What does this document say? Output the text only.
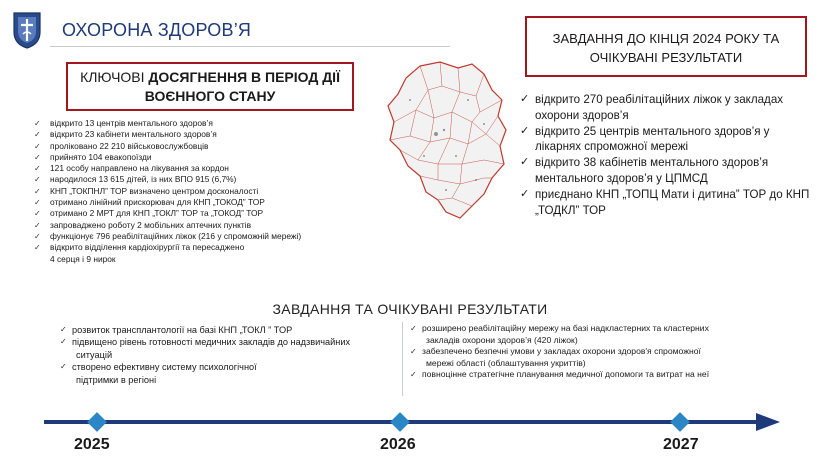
ОХОРОНА ЗДОРОВ’Я
КЛЮЧОВІ ДОСЯГНЕННЯ В ПЕРІОД ДІЇ
ВОЄННОГО СТАНУ
ЗАВДАННЯ ДО КІНЦЯ 2024 РОКУ ТА
ОЧІКУВАНІ РЕЗУЛЬТАТИ
✓ відкрито 13 центрів ментального здоров’я
✓ відкрито 23 кабінети ментального здоров’я
✓ проліковано 22 210 військовослужбовців
✓ прийнято 104 евакопоїзди
✓ 121 особу направлено на лікування за кордон
✓ народилося 13 615 дітей, із них ВПО 915 (6,7%)
✓ КНП „ТОКПНЛ” ТОР визначено центром досконалості
✓ отримано лінійний прискорювач для КНП „ТОКОД” ТОР
✓ отримано 2 МРТ для КНП „ТОКЛ” ТОР та „ТОКОД” ТОР
✓ запроваджено роботу 2 мобільних аптечних пунктів
✓ функціонує 796 реабілітаційних ліжок (216 у спроможній мережі)
✓ відкрито відділення кардіохірургії та пересаджено
4 серця і 9 нирок
✓ відкрито 270 реабілітаційних ліжок у закладах охорони здоров’я
✓ відкрито 25 центрів ментального здоров’я у лікарнях спроможної мережі
✓ відкрито 38 кабінетів ментального здоров’я ментального здоров’я у ЦПМСД
✓ приєднано КНП „ТОПЦ Мати і дитина” ТОР до КНП „ТОДКЛ” ТОР
ЗАВДАННЯ ТА ОЧІКУВАНІ РЕЗУЛЬТАТИ
✓ розвиток трансплантології на базі КНП „ТОКЛ ” ТОР
✓ підвищено рівень готовності медичних закладів до надзвичайних
ситуацій
✓ створено ефективну систему психологічної
підтримки в регіоні
✓ розширено реабілітаційну мережу на базі надкластерних та кластерних
закладів охорони здоров’я (420 ліжок)
✓ забезпечено безпечні умови у закладах охорони здоров'я спроможної
мережі області (облаштування укриттів)
✓ повноцінне стратегічне планування медичної допомоги та витрат на неї
2025	2026	2027
